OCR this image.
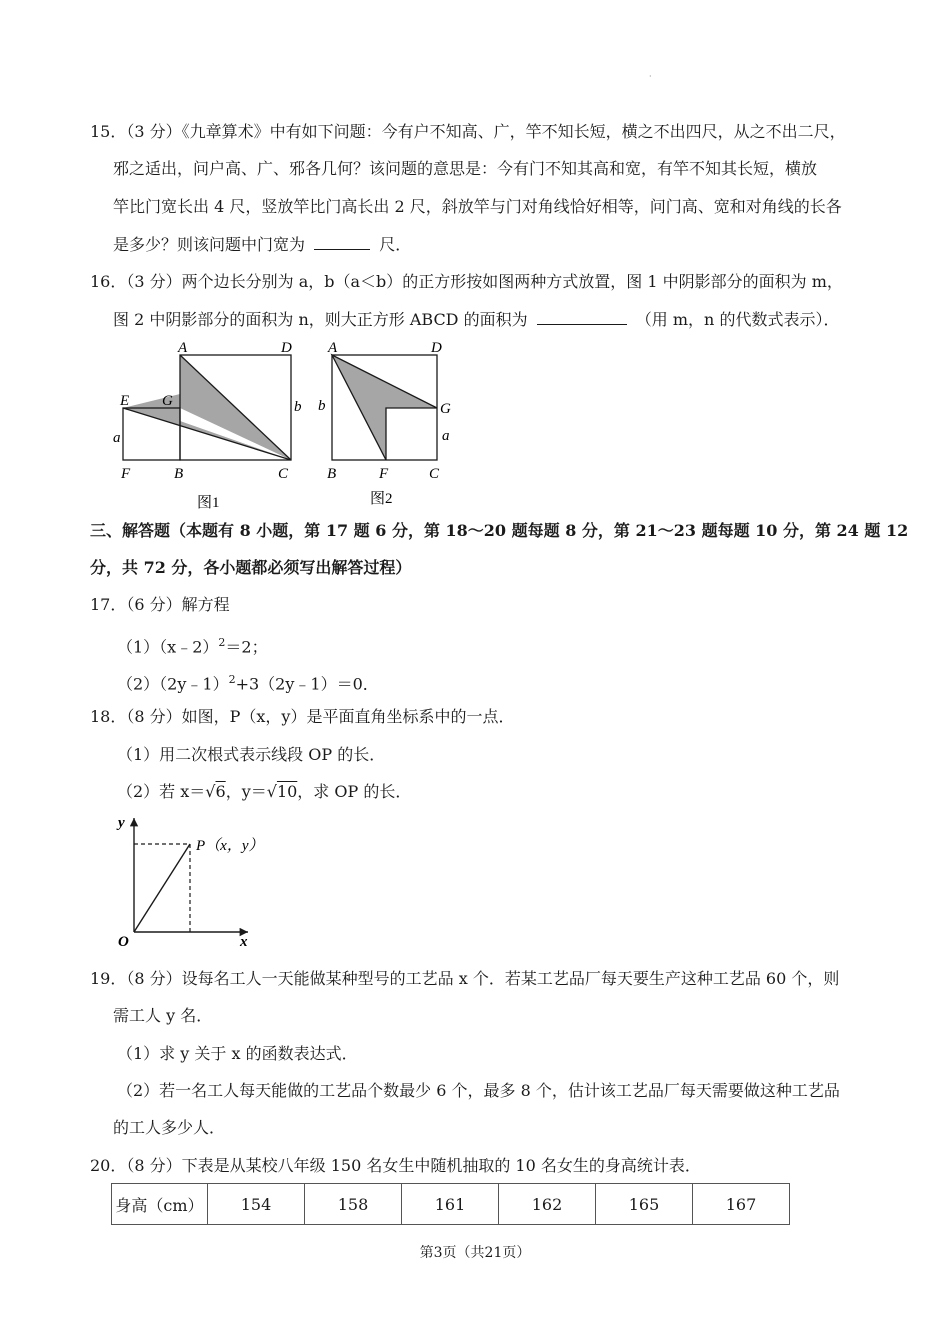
·
15．（3 分）《九章算术》中有如下问题：今有户不知高、广，竿不知长短，横之不出四尺，从之不出二尺，
邪之适出，问户高、广、邪各几何？该问题的意思是：今有门不知其高和宽，有竿不知其长短，横放
竿比门宽长出 4 尺，竖放竿比门高长出 2 尺，斜放竿与门对角线恰好相等，问门高、宽和对角线的长各
是多少？则该问题中门宽为	尺．
16．（3 分）两个边长分别为 a，b（a＜b）的正方形按如图两种方式放置，图 1 中阴影部分的面积为 m，
图 2 中阴影部分的面积为 n，则大正方形 ABCD 的面积为	（用 m，n 的代数式表示）．
A	D
E G	b
a
F	B	C
图1
A	D
b	G
a
B	F	C
图2
三、解答题（本题有 8 小题，第 17 题 6 分，第 18～20 题每题 8 分，第 21～23 题每题 10 分，第 24 题 12
分，共 72 分，各小题都必须写出解答过程）
17．（6 分）解方程
（1）（x﹣2）$^2$＝2；
（2）（2y﹣1）$^2$+3（2y﹣1）＝0．
18．（8 分）如图，P（x，y）是平面直角坐标系中的一点．
（1）用二次根式表示线段 OP 的长．
（2）若 x＝√6，y＝√10，求 OP 的长．
y
x
O
P（x，y）
19．（8 分）设每名工人一天能做某种型号的工艺品 x 个．若某工艺品厂每天要生产这种工艺品 60 个，则
需工人 y 名．
（1）求 y 关于 x 的函数表达式．
（2）若一名工人每天能做的工艺品个数最少 6 个，最多 8 个，估计该工艺品厂每天需要做这种工艺品
的工人多少人．
20．（8 分）下表是从某校八年级 150 名女生中随机抽取的 10 名女生的身高统计表．
身高（cm）	154	158	161	162	165	167
第3页（共21页）
